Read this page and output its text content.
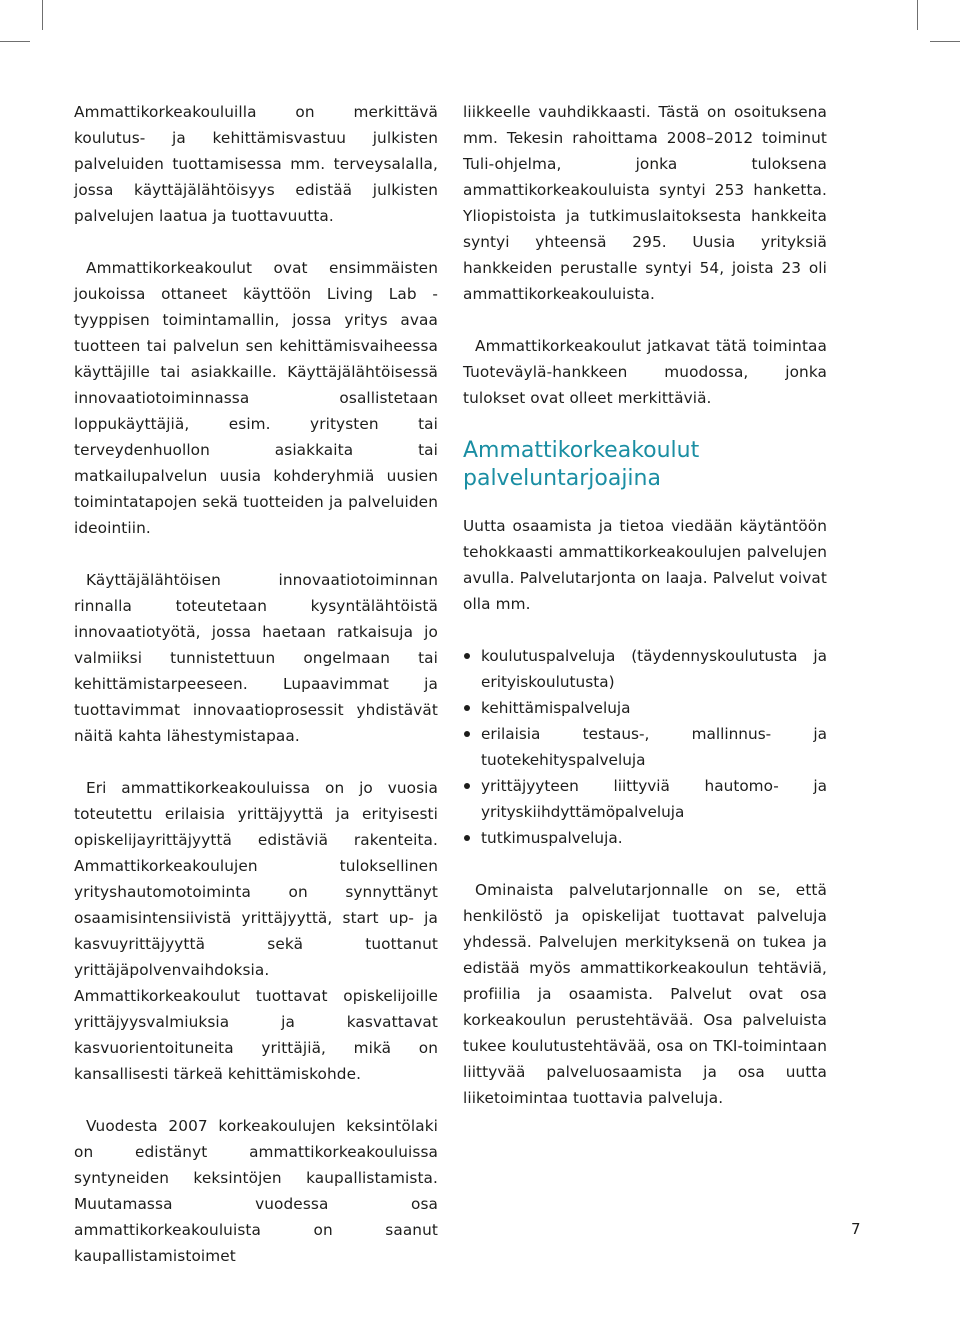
Ammattikorkeakouluilla on merkittävä koulutus- ja kehittämisvastuu julkisten palveluiden tuottamisessa mm. terveysalalla, jossa käyttäjälähtöisyys edistää julkisten palvelujen laatua ja tuottavuutta.

Ammattikorkeakoulut ovat ensimmäisten joukoissa ottaneet käyttöön Living Lab -tyyppisen toimintamallin, jossa yritys avaa tuotteen tai palvelun sen kehittämisvaiheessa käyttäjille tai asiakkaille. Käyttäjälähtöisessä innovaatiotoiminnassa osallistetaan loppukäyttäjiä, esim. yritysten tai terveydenhuollon asiakkaita tai matkailupalvelun uusia kohderyhmiä uusien toimintatapojen sekä tuotteiden ja palveluiden ideointiin.

Käyttäjälähtöisen innovaatiotoiminnan rinnalla toteutetaan kysyntälähtöistä innovaatiotyötä, jossa haetaan ratkaisuja jo valmiiksi tunnistettuun ongelmaan tai kehittämistarpeeseen. Lupaavimmat ja tuottavimmat innovaatioprosessit yhdistävät näitä kahta lähestymistapaa.

Eri ammattikorkeakouluissa on jo vuosia toteutettu erilaisia yrittäjyyttä ja erityisesti opiskelijayrittäjyyttä edistäviä rakenteita. Ammattikorkeakoulujen tuloksellinen yrityshautomotoiminta on synnyttänyt osaamisintensiivistä yrittäjyyttä, start up- ja kasvuyrittäjyyttä sekä tuottanut yrittäjäpolvenvaihdoksia. Ammattikorkeakoulut tuottavat opiskelijoille yrittäjyysvalmiuksia ja kasvattavat kasvuorientoituneita yrittäjiä, mikä on kansallisesti tärkeä kehittämiskohde.

Vuodesta 2007 korkeakoulujen keksintölaki on edistänyt ammattikorkeakouluissa syntyneiden keksintöjen kaupallistamista. Muutamassa vuodessa osa ammattikorkeakouluista on saanut kaupallistamistoimet

liikkeelle vauhdikkaasti. Tästä on osoituksena mm. Tekesin rahoittama 2008–2012 toiminut Tuli-ohjelma, jonka tuloksena ammattikorkeakouluista syntyi 253 hanketta. Yliopistoista ja tutkimuslaitoksesta hankkeita syntyi yhteensä 295. Uusia yrityksiä hankkeiden perustalle syntyi 54, joista 23 oli ammattikorkeakouluista.

Ammattikorkeakoulut jatkavat tätä toimintaa Tuoteväylä-hankkeen muodossa, jonka tulokset ovat olleet merkittäviä.

Ammattikorkeakoulut palveluntarjoajina

Uutta osaamista ja tietoa viedään käytäntöön tehokkaasti ammattikorkeakoulujen palvelujen avulla. Palvelutarjonta on laaja. Palvelut voivat olla mm.

koulutuspalveluja (täydennyskoulutusta ja erityiskoulutusta)
kehittämispalveluja
erilaisia testaus-, mallinnus- ja tuotekehityspalveluja
yrittäjyyteen liittyviä hautomo- ja yrityskiihdyttämöpalveluja
tutkimuspalveluja.

Ominaista palvelutarjonnalle on se, että henkilöstö ja opiskelijat tuottavat palveluja yhdessä. Palvelujen merkityksenä on tukea ja edistää myös ammattikorkeakoulun tehtäviä, profiilia ja osaamista. Palvelut ovat osa korkeakoulun perustehtävää. Osa palveluista tukee koulutustehtävää, osa on TKI-toimintaan liittyvää palveluosaamista ja osa uutta liiketoimintaa tuottavia palveluja.

7
